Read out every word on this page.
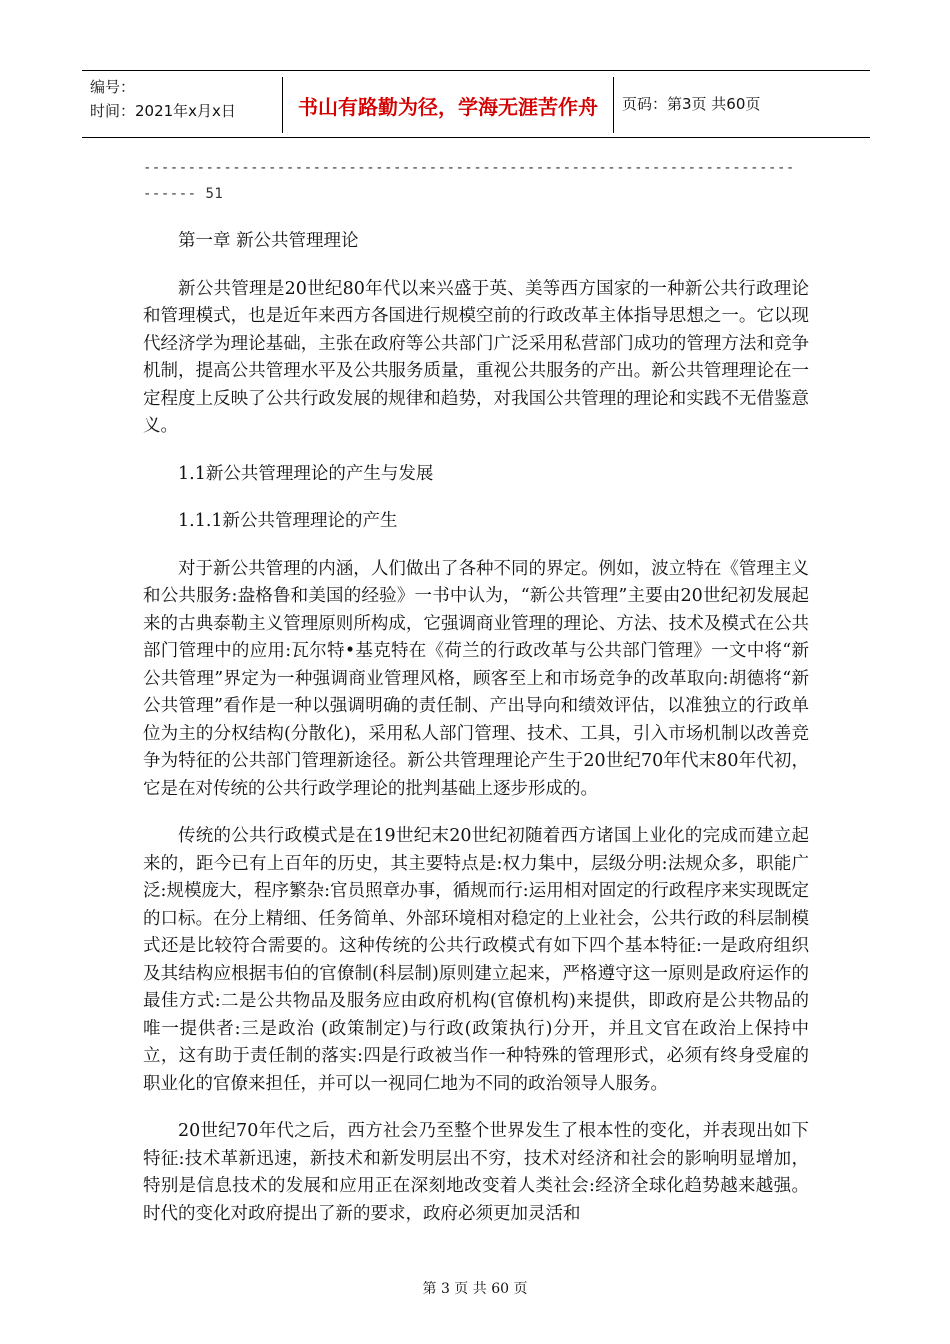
编号：
时间：2021年x月x日	书山有路勤为径，学海无涯苦作舟	页码：第3页 共60页
-------------------------------------------------------------------------
------ 51

第一章 新公共管理理论

新公共管理是20世纪80年代以来兴盛于英、美等西方国家的一种新公共行政理论和管理模式，也是近年来西方各国进行规模空前的行政改革主体指导思想之一。它以现代经济学为理论基础，主张在政府等公共部门广泛采用私营部门成功的管理方法和竞争机制，提高公共管理水平及公共服务质量，重视公共服务的产出。新公共管理理论在一定程度上反映了公共行政发展的规律和趋势，对我国公共管理的理论和实践不无借鉴意义。

1.1新公共管理理论的产生与发展

1.1.1新公共管理理论的产生

对于新公共管理的内涵，人们做出了各种不同的界定。例如，波立特在《管理主义和公共服务:盎格鲁和美国的经验》一书中认为，“新公共管理”主要由20世纪初发展起来的古典泰勒主义管理原则所构成，它强调商业管理的理论、方法、技术及模式在公共部门管理中的应用:瓦尔特•基克特在《荷兰的行政改革与公共部门管理》一文中将“新公共管理”界定为一种强调商业管理风格，顾客至上和市场竞争的改革取向:胡德将“新公共管理”看作是一种以强调明确的责任制、产出导向和绩效评估，以准独立的行政单位为主的分权结构(分散化)，采用私人部门管理、技术、工具，引入市场机制以改善竞争为特征的公共部门管理新途径。新公共管理理论产生于20世纪70年代末80年代初，它是在对传统的公共行政学理论的批判基础上逐步形成的。

传统的公共行政模式是在19世纪末20世纪初随着西方诸国上业化的完成而建立起来的，距今已有上百年的历史，其主要特点是:权力集中，层级分明:法规众多，职能广泛:规模庞大，程序繁杂:官员照章办事，循规而行:运用相对固定的行政程序来实现既定的口标。在分上精细、任务简单、外部环境相对稳定的上业社会，公共行政的科层制模式还是比较符合需要的。这种传统的公共行政模式有如下四个基本特征:一是政府组织及其结构应根据韦伯的官僚制(科层制)原则建立起来，严格遵守这一原则是政府运作的最佳方式:二是公共物品及服务应由政府机构(官僚机构)来提供，即政府是公共物品的唯一提供者:三是政治 (政策制定)与行政(政策执行)分开，并且文官在政治上保持中立，这有助于责任制的落实:四是行政被当作一种特殊的管理形式，必须有终身受雇的职业化的官僚来担任，并可以一视同仁地为不同的政治领导人服务。

20世纪70年代之后，西方社会乃至整个世界发生了根本性的变化，并表现出如下特征:技术革新迅速，新技术和新发明层出不穷，技术对经济和社会的影响明显增加，特别是信息技术的发展和应用正在深刻地改变着人类社会:经济全球化趋势越来越强。时代的变化对政府提出了新的要求，政府必须更加灵活和

第 3 页 共 60 页
